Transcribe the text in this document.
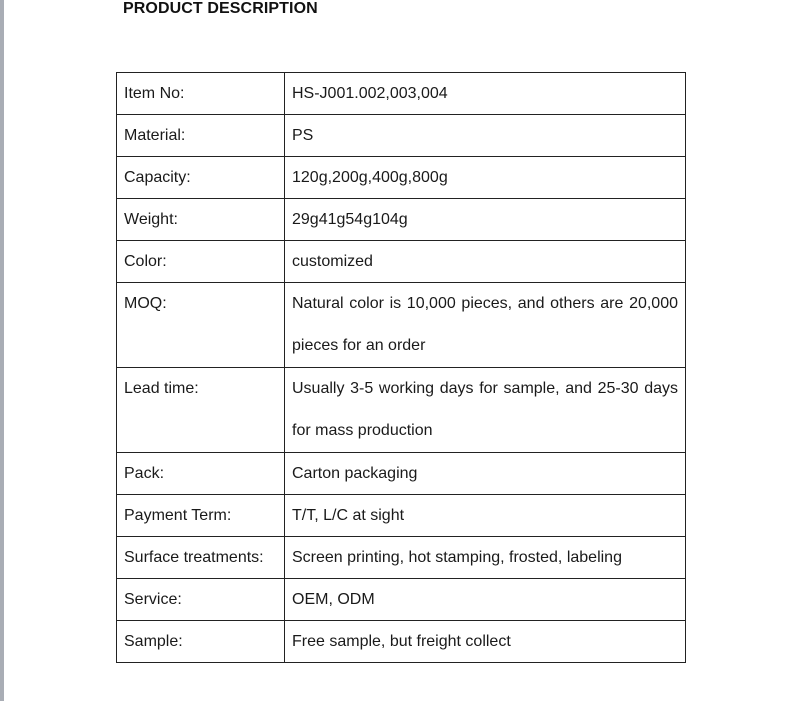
PRODUCT DESCRIPTION
Item No:	HS-J001.002,003,004
Material:	PS
Capacity:	120g,200g,400g,800g
Weight:	29g41g54g104g
Color:	customized
MOQ:	Natural color is 10,000 pieces, and others are 20,000 pieces for an order
Lead time:	Usually 3-5 working days for sample, and 25-30 days for mass production
Pack:	Carton packaging
Payment Term:	T/T, L/C at sight
Surface treatments:	Screen printing, hot stamping, frosted, labeling
Service:	OEM, ODM
Sample:	Free sample, but freight collect
